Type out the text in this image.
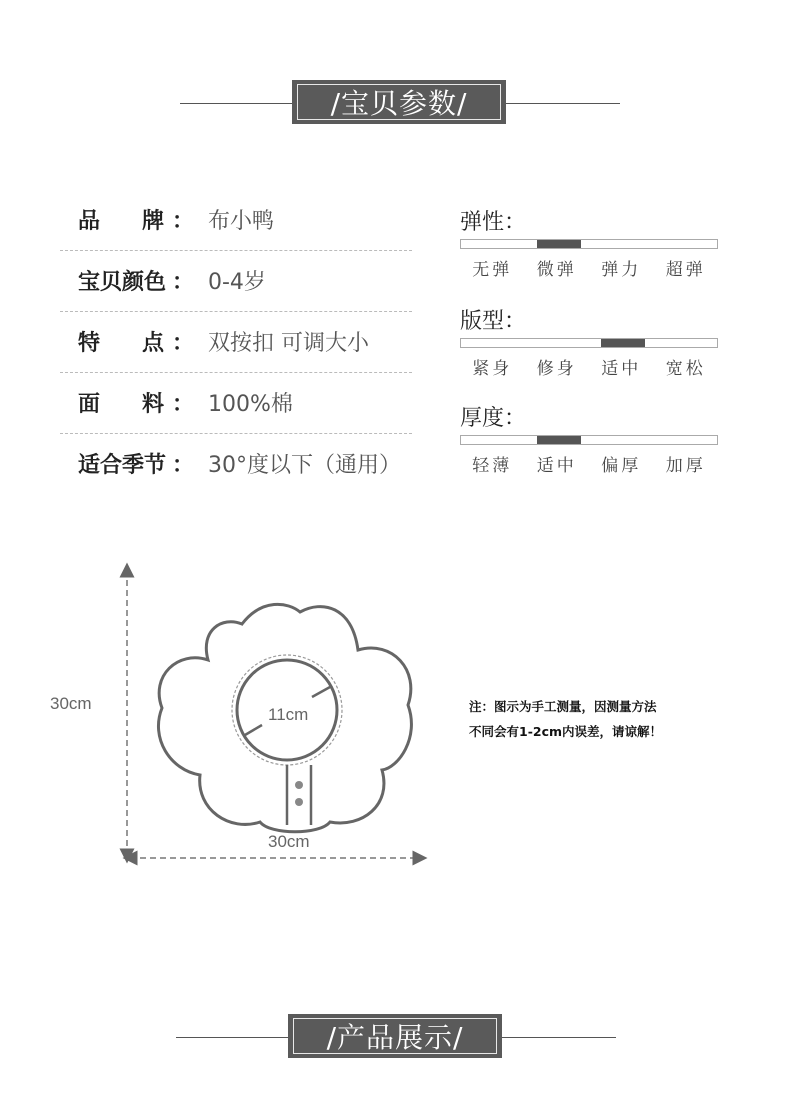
/宝贝参数/
品 牌 ： 布小鸭
宝贝颜色 ： 0-4岁
特 点 ： 双按扣 可调大小
面 料 ： 100%棉
适合季节 ： 30°度以下（通用）
弹性：
无弹 微弹 弹力 超弹
版型：
紧身 修身 适中 宽松
厚度：
轻薄 适中 偏厚 加厚
30cm
30cm
11cm	注：图示为手工测量，因测量方法
不同会有1-2cm内误差，请谅解！
/产品展示/
